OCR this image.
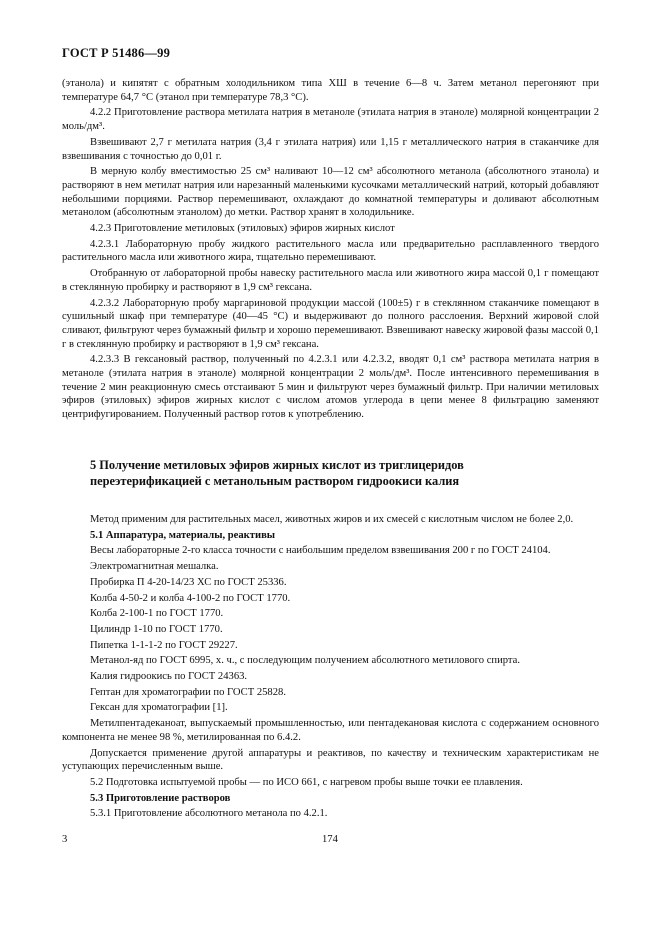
ГОСТ Р 51486—99

(этанола) и кипятят с обратным холодильником типа ХШ в течение 6—8 ч. Затем метанол перегоняют при температуре 64,7 °С (этанол при температуре 78,3 °С).

4.2.2 Приготовление раствора метилата натрия в метаноле (этилата натрия в этаноле) молярной концентрации 2 моль/дм³.

Взвешивают 2,7 г метилата натрия (3,4 г этилата натрия) или 1,15 г металлического натрия в стаканчике для взвешивания с точностью до 0,01 г.

В мерную колбу вместимостью 25 см³ наливают 10—12 см³ абсолютного метанола (абсолютного этанола) и растворяют в нем метилат натрия или нарезанный маленькими кусочками металлический натрий, который добавляют небольшими порциями. Раствор перемешивают, охлаждают до комнатной температуры и доливают абсолютным метанолом (абсолютным этанолом) до метки. Раствор хранят в холодильнике.

4.2.3 Приготовление метиловых (этиловых) эфиров жирных кислот

4.2.3.1 Лабораторную пробу жидкого растительного масла или предварительно расплавленного твердого растительного масла или животного жира, тщательно перемешивают.

Отобранную от лабораторной пробы навеску растительного масла или животного жира массой 0,1 г помещают в стеклянную пробирку и растворяют в 1,9 см³ гексана.

4.2.3.2 Лабораторную пробу маргариновой продукции массой (100±5) г в стеклянном стаканчике помещают в сушильный шкаф при температуре (40—45 °С) и выдерживают до полного расслоения. Верхний жировой слой сливают, фильтруют через бумажный фильтр и хорошо перемешивают. Взвешивают навеску жировой фазы массой 0,1 г в стеклянную пробирку и растворяют в 1,9 см³ гексана.

4.2.3.3 В гексановый раствор, полученный по 4.2.3.1 или 4.2.3.2, вводят 0,1 см³ раствора метилата натрия в метаноле (этилата натрия в этаноле) молярной концентрации 2 моль/дм³. После интенсивного перемешивания в течение 2 мин реакционную смесь отстаивают 5 мин и фильтруют через бумажный фильтр. При наличии метиловых эфиров (этиловых) эфиров жирных кислот с числом атомов углерода в цепи менее 8 фильтрацию заменяют центрифугированием. Полученный раствор готов к употреблению.

5 Получение метиловых эфиров жирных кислот из триглицеридов переэтерификацией с метанольным раствором гидроокиси калия

Метод применим для растительных масел, животных жиров и их смесей с кислотным числом не более 2,0.

5.1 Аппаратура, материалы, реактивы

Весы лабораторные 2-го класса точности с наибольшим пределом взвешивания 200 г по ГОСТ 24104.

Электромагнитная мешалка.

Пробирка П 4-20-14/23 ХС по ГОСТ 25336.

Колба 4-50-2 и колба 4-100-2 по ГОСТ 1770.

Колба 2-100-1 по ГОСТ 1770.

Цилиндр 1-10 по ГОСТ 1770.

Пипетка 1-1-1-2 по ГОСТ 29227.

Метанол-яд по ГОСТ 6995, х. ч., с последующим получением абсолютного метилового спирта.

Калия гидроокись по ГОСТ 24363.

Гептан для хроматографии по ГОСТ 25828.

Гексан для хроматографии [1].

Метилпентадеканоат, выпускаемый промышленностью, или пентадекановая кислота с содержанием основного компонента не менее 98 %, метилированная по 6.4.2.

Допускается применение другой аппаратуры и реактивов, по качеству и техническим характеристикам не уступающих перечисленным выше.

5.2 Подготовка испытуемой пробы — по ИСО 661, с нагревом пробы выше точки ее плавления.

5.3 Приготовление растворов

5.3.1 Приготовление абсолютного метанола по 4.2.1.

3	174
